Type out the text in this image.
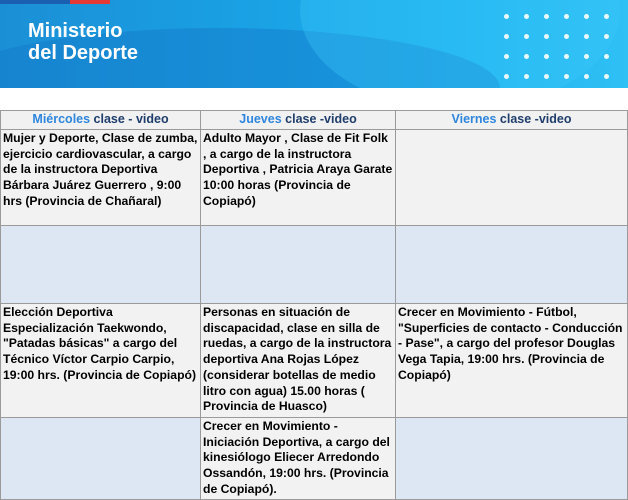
Ministerio
del Deporte
Miércoles clase - video	Jueves clase -video	Viernes clase -video
Mujer y Deporte, Clase de zumba, ejercicio cardiovascular, a cargo de la instructora Deportiva Bárbara Juárez Guerrero , 9:00 hrs (Provincia de Chañaral)	Adulto Mayor , Clase de Fit Folk , a cargo de la instructora Deportiva , Patricia Araya Garate 10:00 horas (Provincia de Copiapó)	

Elección Deportiva Especialización Taekwondo, "Patadas básicas" a cargo del Técnico Víctor Carpio Carpio, 19:00 hrs. (Provincia de Copiapó)	Personas en situación de discapacidad, clase en silla de ruedas, a cargo de la instructora deportiva Ana Rojas López (considerar botellas de medio litro con agua) 15.00 horas ( Provincia de Huasco)	Crecer en Movimiento - Fútbol, "Superficies de contacto - Conducción - Pase", a cargo del profesor Douglas Vega Tapia, 19:00 hrs. (Provincia de Copiapó)
	Crecer en Movimiento - Iniciación Deportiva, a cargo del kinesiólogo Eliecer Arredondo Ossandón, 19:00 hrs. (Provincia de Copiapó).	
